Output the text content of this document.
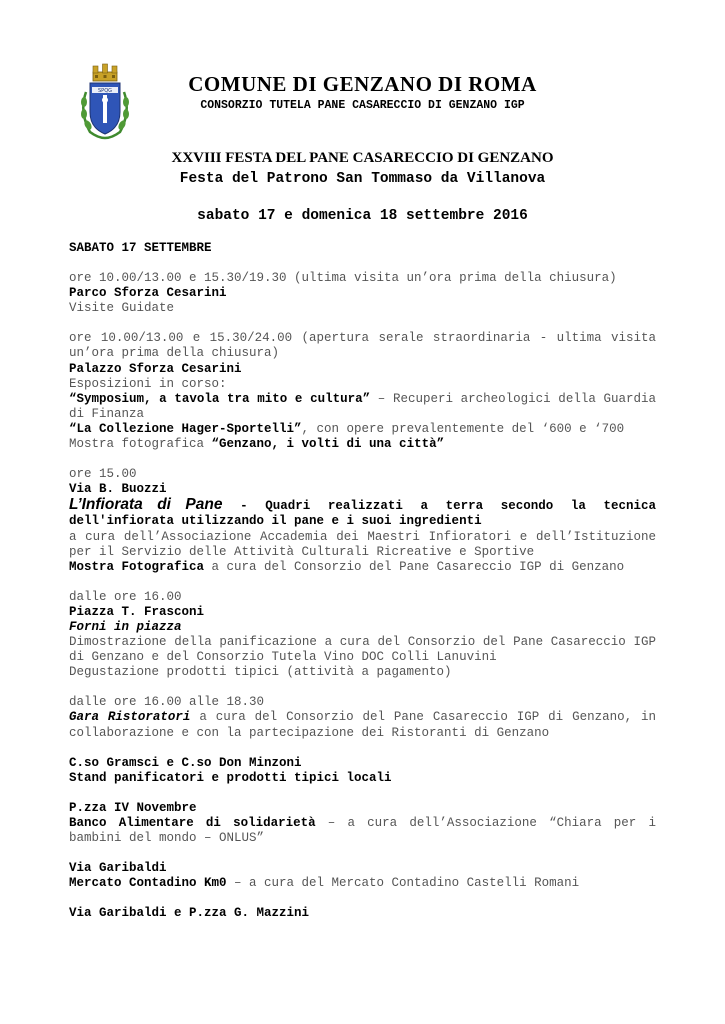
SPQG	COMUNE DI GENZANO DI ROMA
CONSORZIO TUTELA PANE CASARECCIO DI GENZANO IGP
XXVIII FESTA DEL PANE CASARECCIO DI GENZANO
Festa del Patrono San Tommaso da Villanova
sabato 17 e domenica 18 settembre 2016

SABATO 17 SETTEMBRE

ore 10.00/13.00 e 15.30/19.30 (ultima visita un’ora prima della chiusura)

Parco Sforza Cesarini

Visite Guidate

ore 10.00/13.00 e 15.30/24.00 (apertura serale straordinaria - ultima visita un’ora prima della chiusura)

Palazzo Sforza Cesarini

Esposizioni in corso:

“Symposium, a tavola tra mito e cultura” – Recuperi archeologici della Guardia di Finanza

“La Collezione Hager-Sportelli”, con opere prevalentemente del ‘600 e ‘700

Mostra fotografica “Genzano, i volti di una città”

ore 15.00

Via B. Buozzi

L’Infiorata di Pane - Quadri realizzati a terra secondo la tecnica dell'infiorata utilizzando il pane e i suoi ingredienti

a cura dell’Associazione Accademia dei Maestri Infioratori e dell’Istituzione per il Servizio delle Attività Culturali Ricreative e Sportive

Mostra Fotografica a cura del Consorzio del Pane Casareccio IGP di Genzano

dalle ore 16.00

Piazza T. Frasconi

Forni in piazza

Dimostrazione della panificazione a cura del Consorzio del Pane Casareccio IGP di Genzano e del Consorzio Tutela Vino DOC Colli Lanuvini

Degustazione prodotti tipici (attività a pagamento)

dalle ore 16.00 alle 18.30

Gara Ristoratori a cura del Consorzio del Pane Casareccio IGP di Genzano, in collaborazione e con la partecipazione dei Ristoranti di Genzano

C.so Gramsci e C.so Don Minzoni

Stand panificatori e prodotti tipici locali

P.zza IV Novembre

Banco Alimentare di solidarietà – a cura dell’Associazione “Chiara per i bambini del mondo – ONLUS”

Via Garibaldi

Mercato Contadino Km0 – a cura del Mercato Contadino Castelli Romani

Via Garibaldi e P.zza G. Mazzini
